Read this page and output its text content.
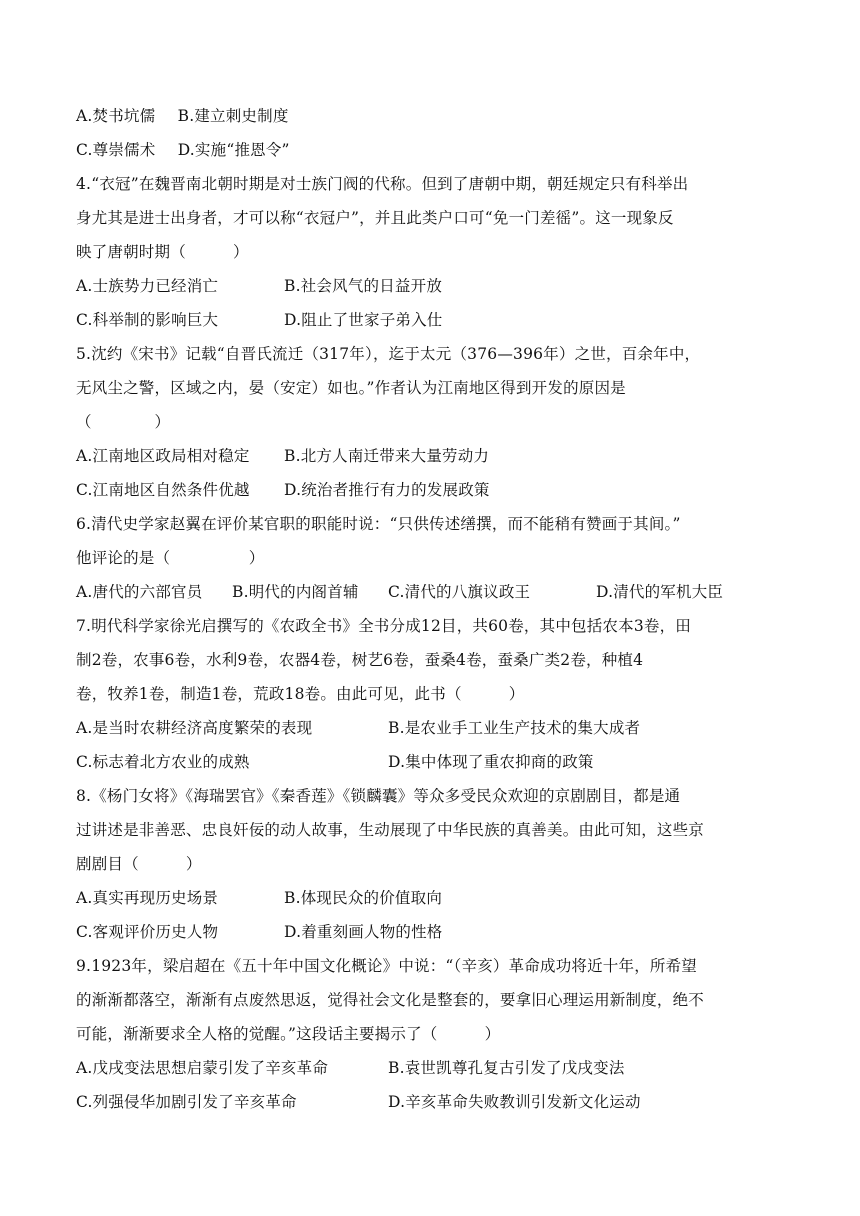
A.焚书坑儒 B.建立刺史制度
C.尊崇儒术 D.实施“推恩令”
4.“衣冠”在魏晋南北朝时期是对士族门阀的代称。但到了唐朝中期，朝廷规定只有科举出
身尤其是进士出身者，才可以称“衣冠户”，并且此类户口可“免一门差徭”。这一现象反
映了唐朝时期（　　　）
A.士族势力已经消亡	B.社会风气的日益开放
C.科举制的影响巨大	D.阻止了世家子弟入仕
5.沈约《宋书》记载“自晋氏流迁（317年），迄于太元（376—396年）之世，百余年中，
无风尘之警，区域之内，晏（安定）如也。”作者认为江南地区得到开发的原因是
（　　　　）
A.江南地区政局相对稳定 B.北方人南迁带来大量劳动力
C.江南地区自然条件优越 D.统治者推行有力的发展政策
6.清代史学家赵翼在评价某官职的职能时说：“只供传述缮撰，而不能稍有赞画于其间。”
他评论的是（　　　　　）
A.唐代的六部官员 B.明代的内阁首辅 C.清代的八旗议政王	D.清代的军机大臣
7.明代科学家徐光启撰写的《农政全书》全书分成12目，共60卷，其中包括农本3卷，田
制2卷，农事6卷，水利9卷，农器4卷，树艺6卷，蚕桑4卷，蚕桑广类2卷，种植4
卷，牧养1卷，制造1卷，荒政18卷。由此可见，此书（　　　）
A.是当时农耕经济高度繁荣的表现	B.是农业手工业生产技术的集大成者
C.标志着北方农业的成熟	D.集中体现了重农抑商的政策
8.《杨门女将》《海瑞罢官》《秦香莲》《锁麟囊》等众多受民众欢迎的京剧剧目，都是通
过讲述是非善恶、忠良奸佞的动人故事，生动展现了中华民族的真善美。由此可知，这些京
剧剧目（　　　）
A.真实再现历史场景	B.体现民众的价值取向
C.客观评价历史人物	D.着重刻画人物的性格
9.1923年，梁启超在《五十年中国文化概论》中说：“（辛亥）革命成功将近十年，所希望
的渐渐都落空，渐渐有点废然思返，觉得社会文化是整套的，要拿旧心理运用新制度，绝不
可能，渐渐要求全人格的觉醒。”这段话主要揭示了（　　　）
A.戊戌变法思想启蒙引发了辛亥革命	B.袁世凯尊孔复古引发了戊戌变法
C.列强侵华加剧引发了辛亥革命	D.辛亥革命失败教训引发新文化运动
